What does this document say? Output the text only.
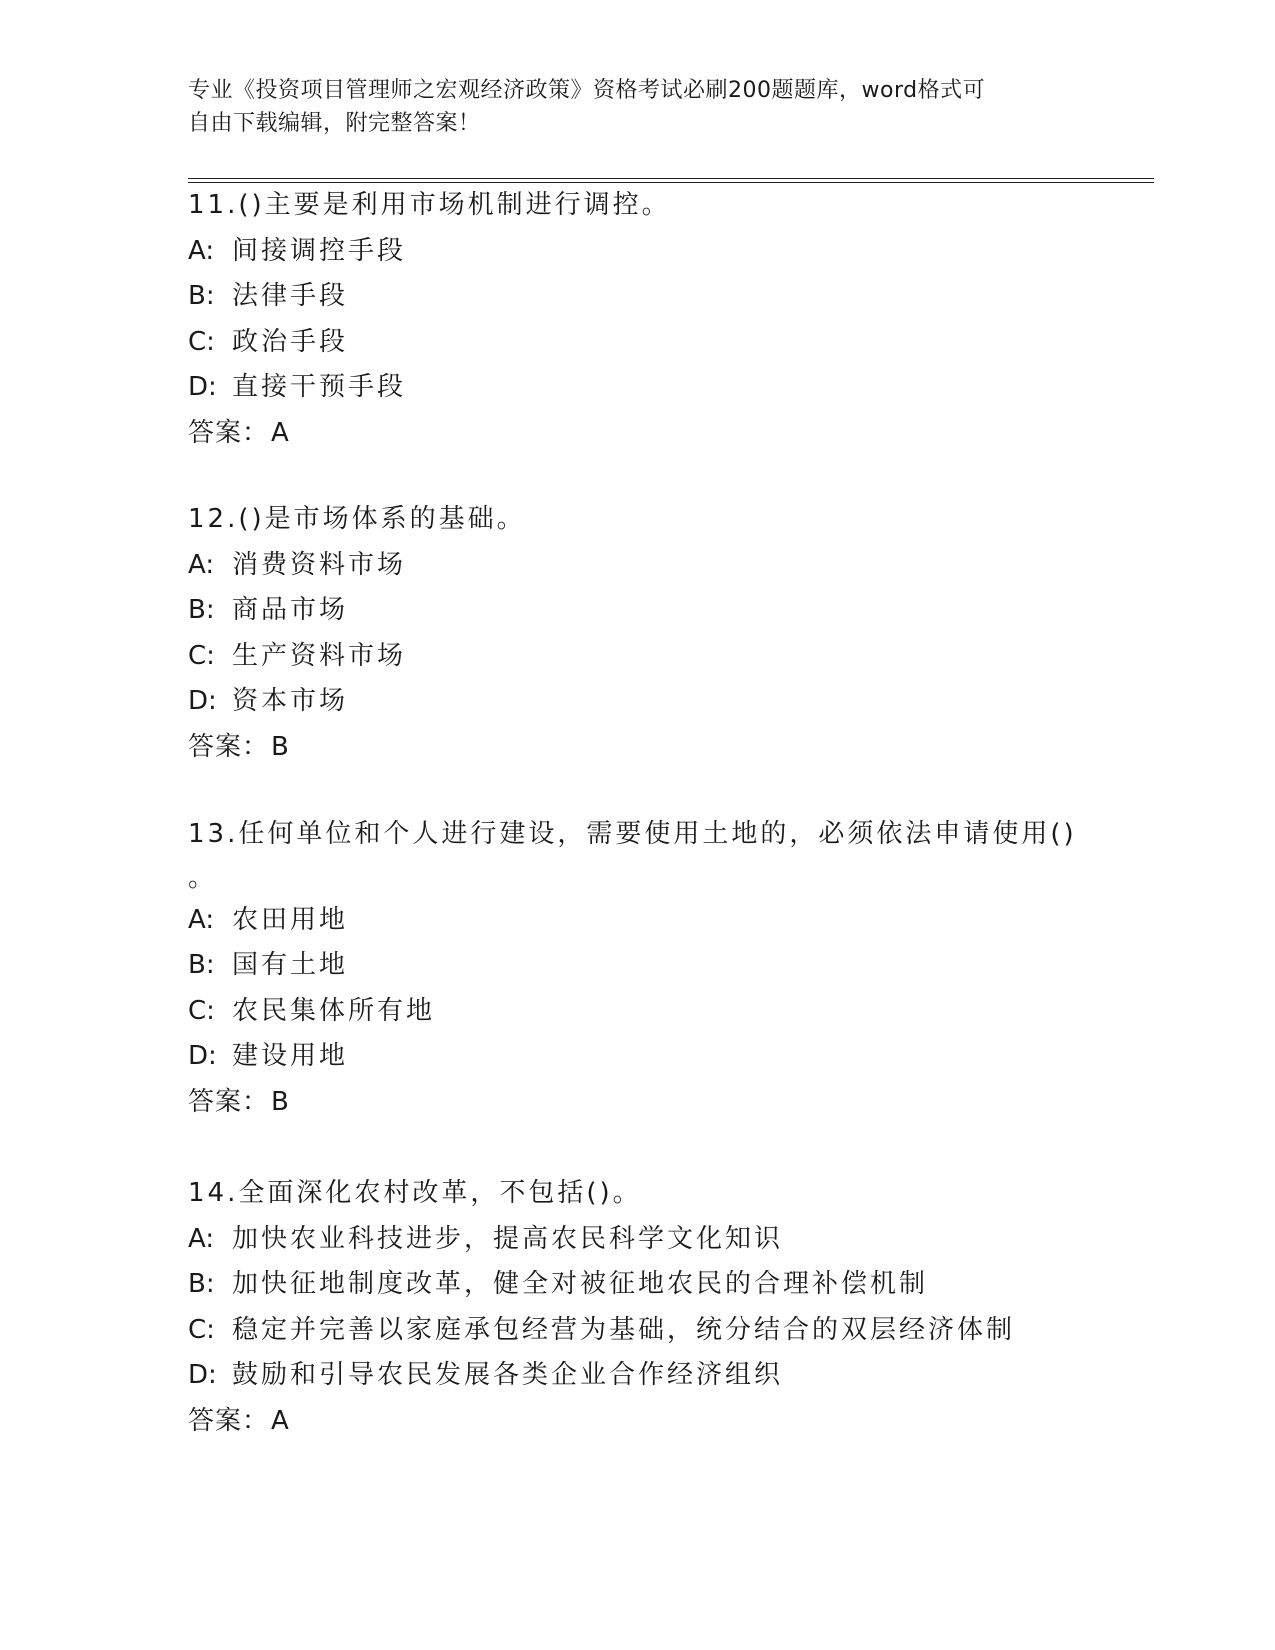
专业《投资项目管理师之宏观经济政策》资格考试必刷200题题库，word格式可
自由下载编辑，附完整答案！
11.()主要是利用市场机制进行调控。
A: 间接调控手段
B: 法律手段
C: 政治手段
D: 直接干预手段
答案：A
12.()是市场体系的基础。
A: 消费资料市场
B: 商品市场
C: 生产资料市场
D: 资本市场
答案：B
13.任何单位和个人进行建设，需要使用土地的，必须依法申请使用()
。
A: 农田用地
B: 国有土地
C: 农民集体所有地
D: 建设用地
答案：B
14.全面深化农村改革，不包括()。
A: 加快农业科技进步，提高农民科学文化知识
B: 加快征地制度改革，健全对被征地农民的合理补偿机制
C: 稳定并完善以家庭承包经营为基础，统分结合的双层经济体制
D: 鼓励和引导农民发展各类企业合作经济组织
答案：A
